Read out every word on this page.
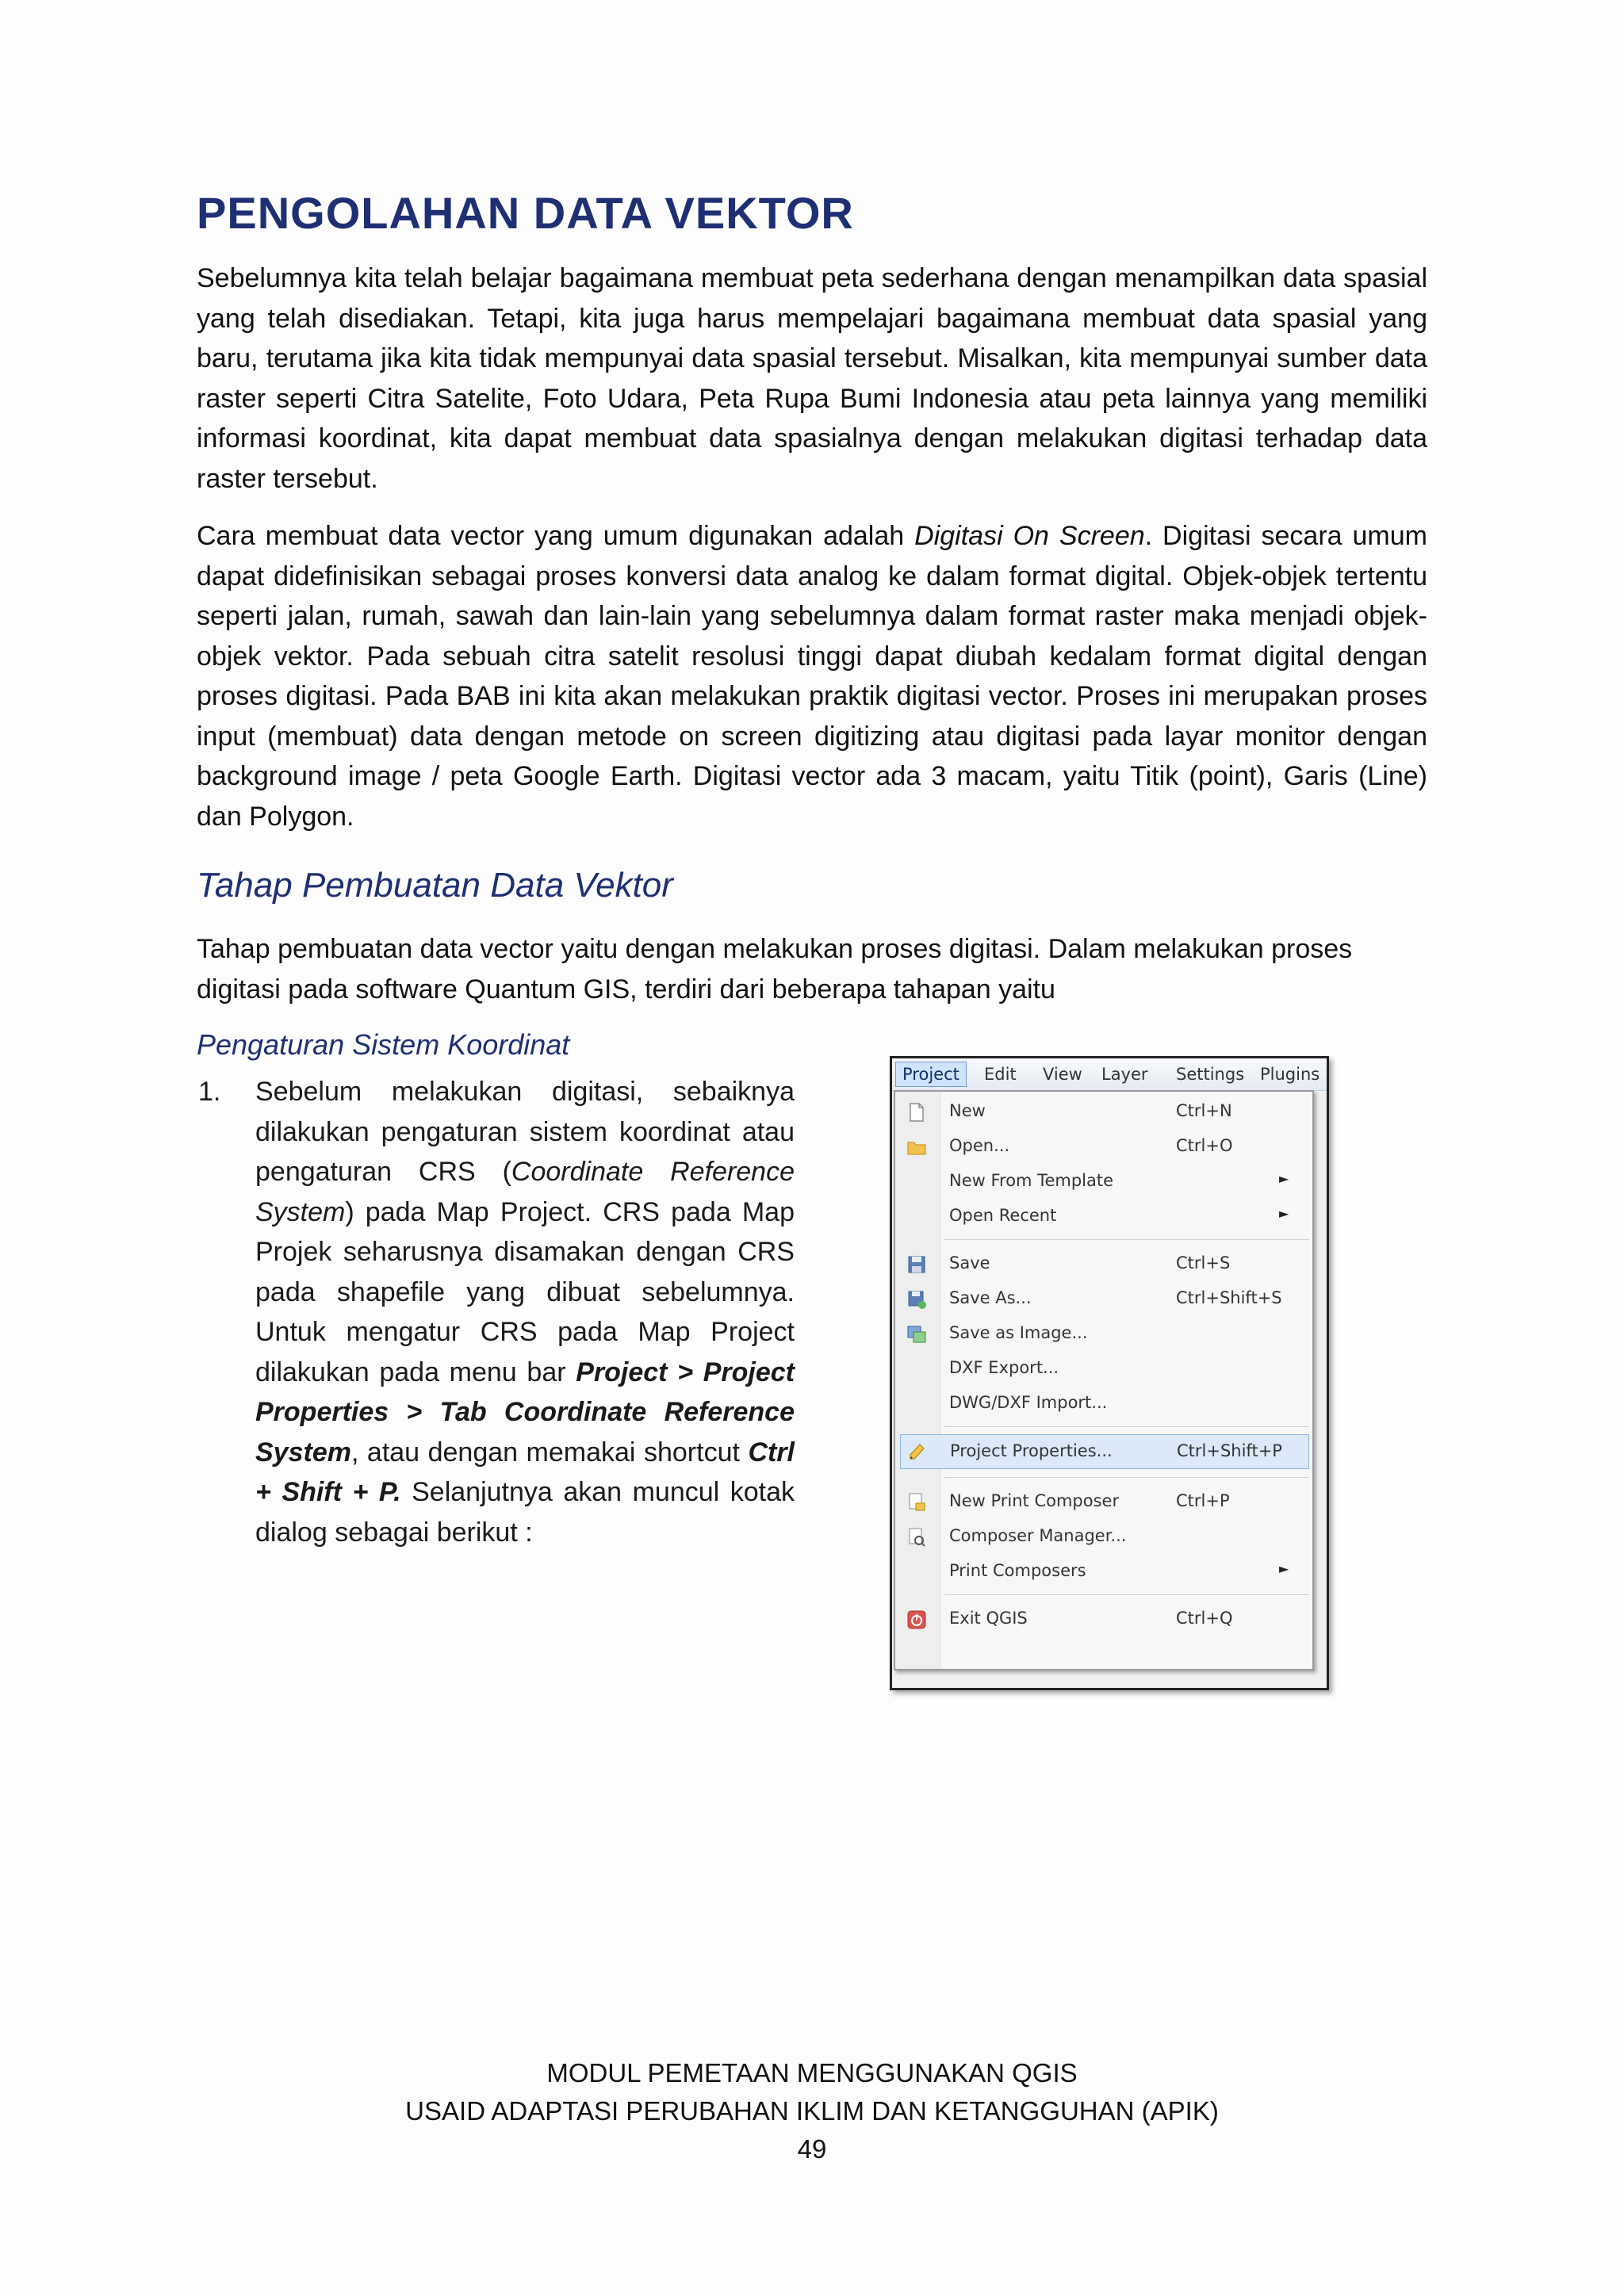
PENGOLAHAN DATA VEKTOR

Sebelumnya kita telah belajar bagaimana membuat peta sederhana dengan menampilkan data spasial yang telah disediakan. Tetapi, kita juga harus mempelajari bagaimana membuat data spasial yang baru, terutama jika kita tidak mempunyai data spasial tersebut. Misalkan, kita mempunyai sumber data raster seperti Citra Satelite, Foto Udara, Peta Rupa Bumi Indonesia atau peta lainnya yang memiliki informasi koordinat, kita dapat membuat data spasialnya dengan melakukan digitasi terhadap data raster tersebut.

Cara membuat data vector yang umum digunakan adalah Digitasi On Screen. Digitasi secara umum dapat didefinisikan sebagai proses konversi data analog ke dalam format digital. Objek-objek tertentu seperti jalan, rumah, sawah dan lain-lain yang sebelumnya dalam format raster maka menjadi objek-objek vektor. Pada sebuah citra satelit resolusi tinggi dapat diubah kedalam format digital dengan proses digitasi. Pada BAB ini kita akan melakukan praktik digitasi vector. Proses ini merupakan proses input (membuat) data dengan metode on screen digitizing atau digitasi pada layar monitor dengan background image / peta Google Earth. Digitasi vector ada 3 macam, yaitu Titik (point), Garis (Line) dan Polygon.

Tahap Pembuatan Data Vektor

Tahap pembuatan data vector yaitu dengan melakukan proses digitasi. Dalam melakukan proses digitasi pada software Quantum GIS, terdiri dari beberapa tahapan yaitu

Pengaturan Sistem Koordinat

1. Sebelum melakukan digitasi, sebaiknya dilakukan pengaturan sistem koordinat atau pengaturan CRS (Coordinate Reference System) pada Map Project. CRS pada Map Projek seharusnya disamakan dengan CRS pada shapefile yang dibuat sebelumnya. Untuk mengatur CRS pada Map Project dilakukan pada menu bar Project > Project Properties > Tab Coordinate Reference System, atau dengan memakai shortcut Ctrl + Shift + P. Selanjutnya akan muncul kotak dialog sebagai berikut :

Project	Edit View Layer Settings Plugins
New	Ctrl+N
Open...	Ctrl+O
New From Template	►
Open Recent	►
Save	Ctrl+S
Save As...	Ctrl+Shift+S
Save as Image...
DXF Export...
DWG/DXF Import...
Project Properties...	Ctrl+Shift+P
New Print Composer	Ctrl+P
Composer Manager...
Print Composers	►
Exit QGIS	Ctrl+Q

MODUL PEMETAAN MENGGUNAKAN QGIS

USAID ADAPTASI PERUBAHAN IKLIM DAN KETANGGUHAN (APIK)

49
